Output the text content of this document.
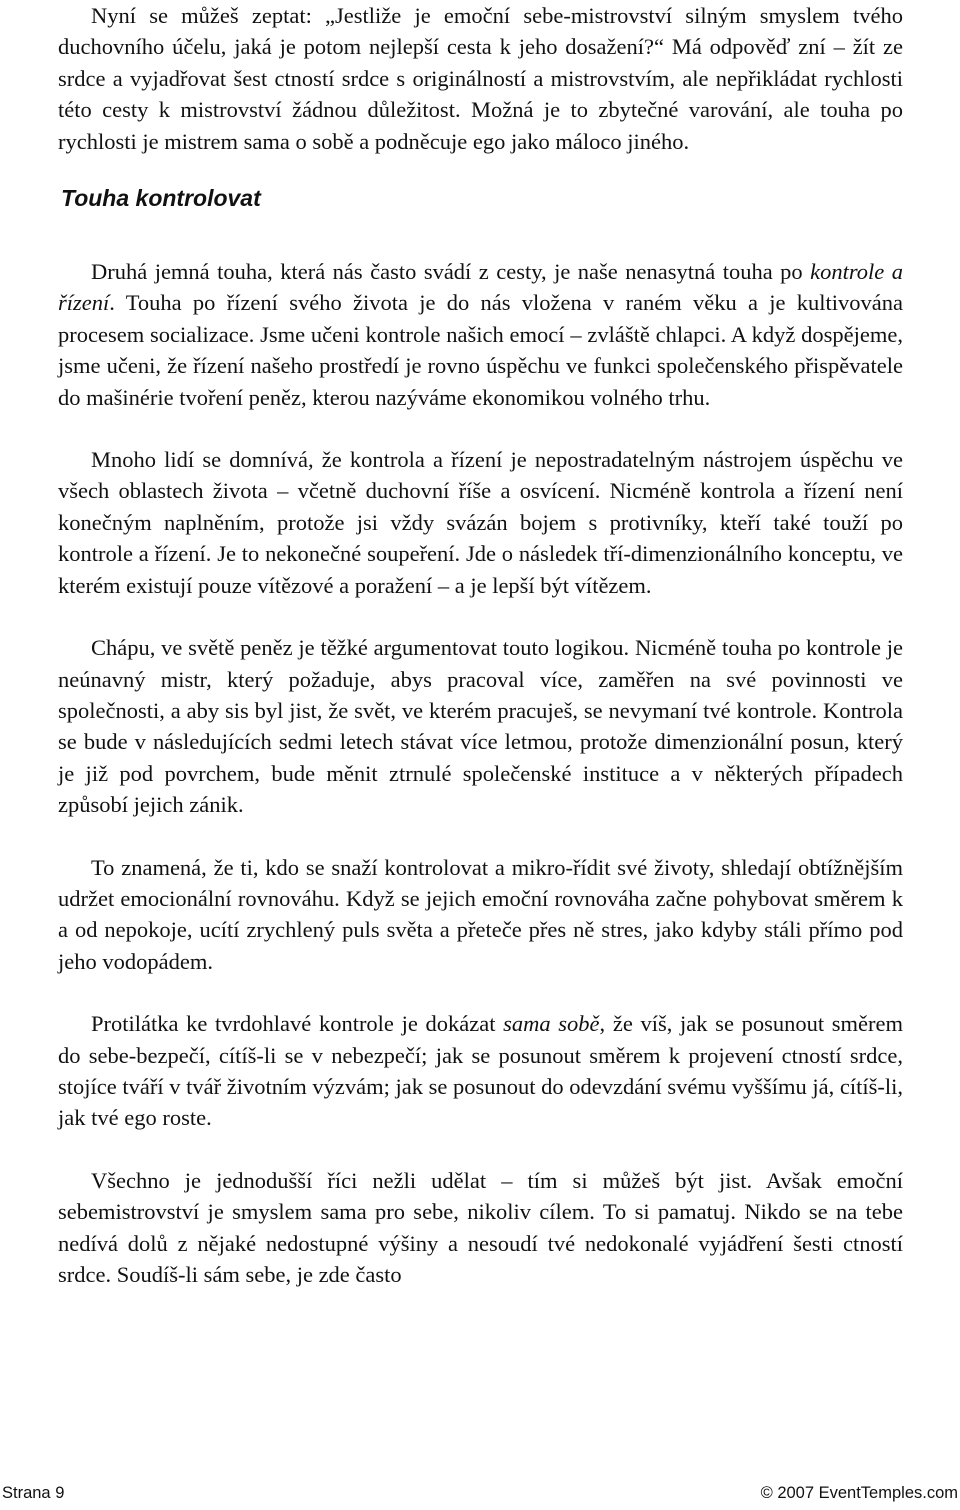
Nyní se můžeš zeptat: „Jestliže je emoční sebe-mistrovství silným smyslem tvého duchovního účelu, jaká je potom nejlepší cesta k jeho dosažení?“ Má odpověď zní – žít ze srdce a vyjadřovat šest ctností srdce s originálností a mistrovstvím, ale nepřikládat rychlosti této cesty k mistrovství žádnou důležitost. Možná je to zbytečné varování, ale touha po rychlosti je mistrem sama o sobě a podněcuje ego jako máloco jiného.

Touha kontrolovat

Druhá jemná touha, která nás často svádí z cesty, je naše nenasytná touha po kontrole a řízení. Touha po řízení svého života je do nás vložena v raném věku a je kultivována procesem socializace. Jsme učeni kontrole našich emocí – zvláště chlapci. A když dospějeme, jsme učeni, že řízení našeho prostředí je rovno úspěchu ve funkci společenského přispěvatele do mašinérie tvoření peněz, kterou nazýváme ekonomikou volného trhu.

Mnoho lidí se domnívá, že kontrola a řízení je nepostradatelným nástrojem úspěchu ve všech oblastech života – včetně duchovní říše a osvícení. Nicméně kontrola a řízení není konečným naplněním, protože jsi vždy svázán bojem s protivníky, kteří také touží po kontrole a řízení. Je to nekonečné soupeření. Jde o následek tří-dimenzionálního konceptu, ve kterém existují pouze vítězové a poražení – a je lepší být vítězem.

Chápu, ve světě peněz je těžké argumentovat touto logikou. Nicméně touha po kontrole je neúnavný mistr, který požaduje, abys pracoval více, zaměřen na své povinnosti ve společnosti, a aby sis byl jist, že svět, ve kterém pracuješ, se nevymaní tvé kontrole. Kontrola se bude v následujících sedmi letech stávat více letmou, protože dimenzionální posun, který je již pod povrchem, bude měnit ztrnulé společenské instituce a v některých případech způsobí jejich zánik.

To znamená, že ti, kdo se snaží kontrolovat a mikro-řídit své životy, shledají obtížnějším udržet emocionální rovnováhu. Když se jejich emoční rovnováha začne pohybovat směrem k a od nepokoje, ucítí zrychlený puls světa a přeteče přes ně stres, jako kdyby stáli přímo pod jeho vodopádem.

Protilátka ke tvrdohlavé kontrole je dokázat sama sobě, že víš, jak se posunout směrem do sebe-bezpečí, cítíš-li se v nebezpečí; jak se posunout směrem k projevení ctností srdce, stojíce tváří v tvář životním výzvám; jak se posunout do odevzdání svému vyššímu já, cítíš-li, jak tvé ego roste.

Všechno je jednodušší říci nežli udělat – tím si můžeš být jist. Avšak emoční sebemistrovství je smyslem sama pro sebe, nikoliv cílem. To si pamatuj. Nikdo se na tebe nedívá dolů z nějaké nedostupné výšiny a nesoudí tvé nedokonalé vyjádření šesti ctností srdce. Soudíš-li sám sebe, je zde často

Strana 9	© 2007 EventTemples.com
